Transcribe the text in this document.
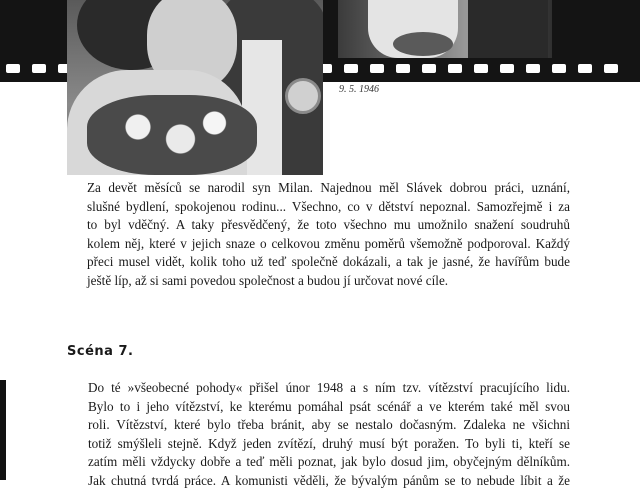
9. 5. 1946
Za devět měsíců se narodil syn Milan. Najednou měl Slávek dobrou práci, uznání,
slušné bydlení, spokojenou rodinu... Všechno, co v dětství nepoznal. Samozřejmě i za
to byl vděčný. A taky přesvědčený, že toto všechno mu umožnilo snažení soudruhů
kolem něj, které v jejich snaze o celkovou změnu poměrů všemožně podporoval. Každý
přeci musel vidět, kolik toho už teď společně dokázali, a tak je jasné, že havířům bude
ještě líp, až si sami povedou společnost a budou jí určovat nové cíle.
Scéna 7.
Do té »všeobecné pohody« přišel únor 1948 a s ním tzv. vítězství pracujícího lidu.
Bylo to i jeho vítězství, ke kterému pomáhal psát scénář a ve kterém také měl svou
roli. Vítězství, které bylo třeba bránit, aby se nestalo dočasným. Zdaleka ne všichni
totiž smýšleli stejně. Když jeden zvítězí, druhý musí být poražen. To byli ti, kteří se
zatím měli vždycky dobře a teď měli poznat, jak bylo dosud jim, obyčejným dělníkům.
Jak chutná tvrdá práce. A komunisti věděli, že bývalým pánům se to nebude líbit a že
